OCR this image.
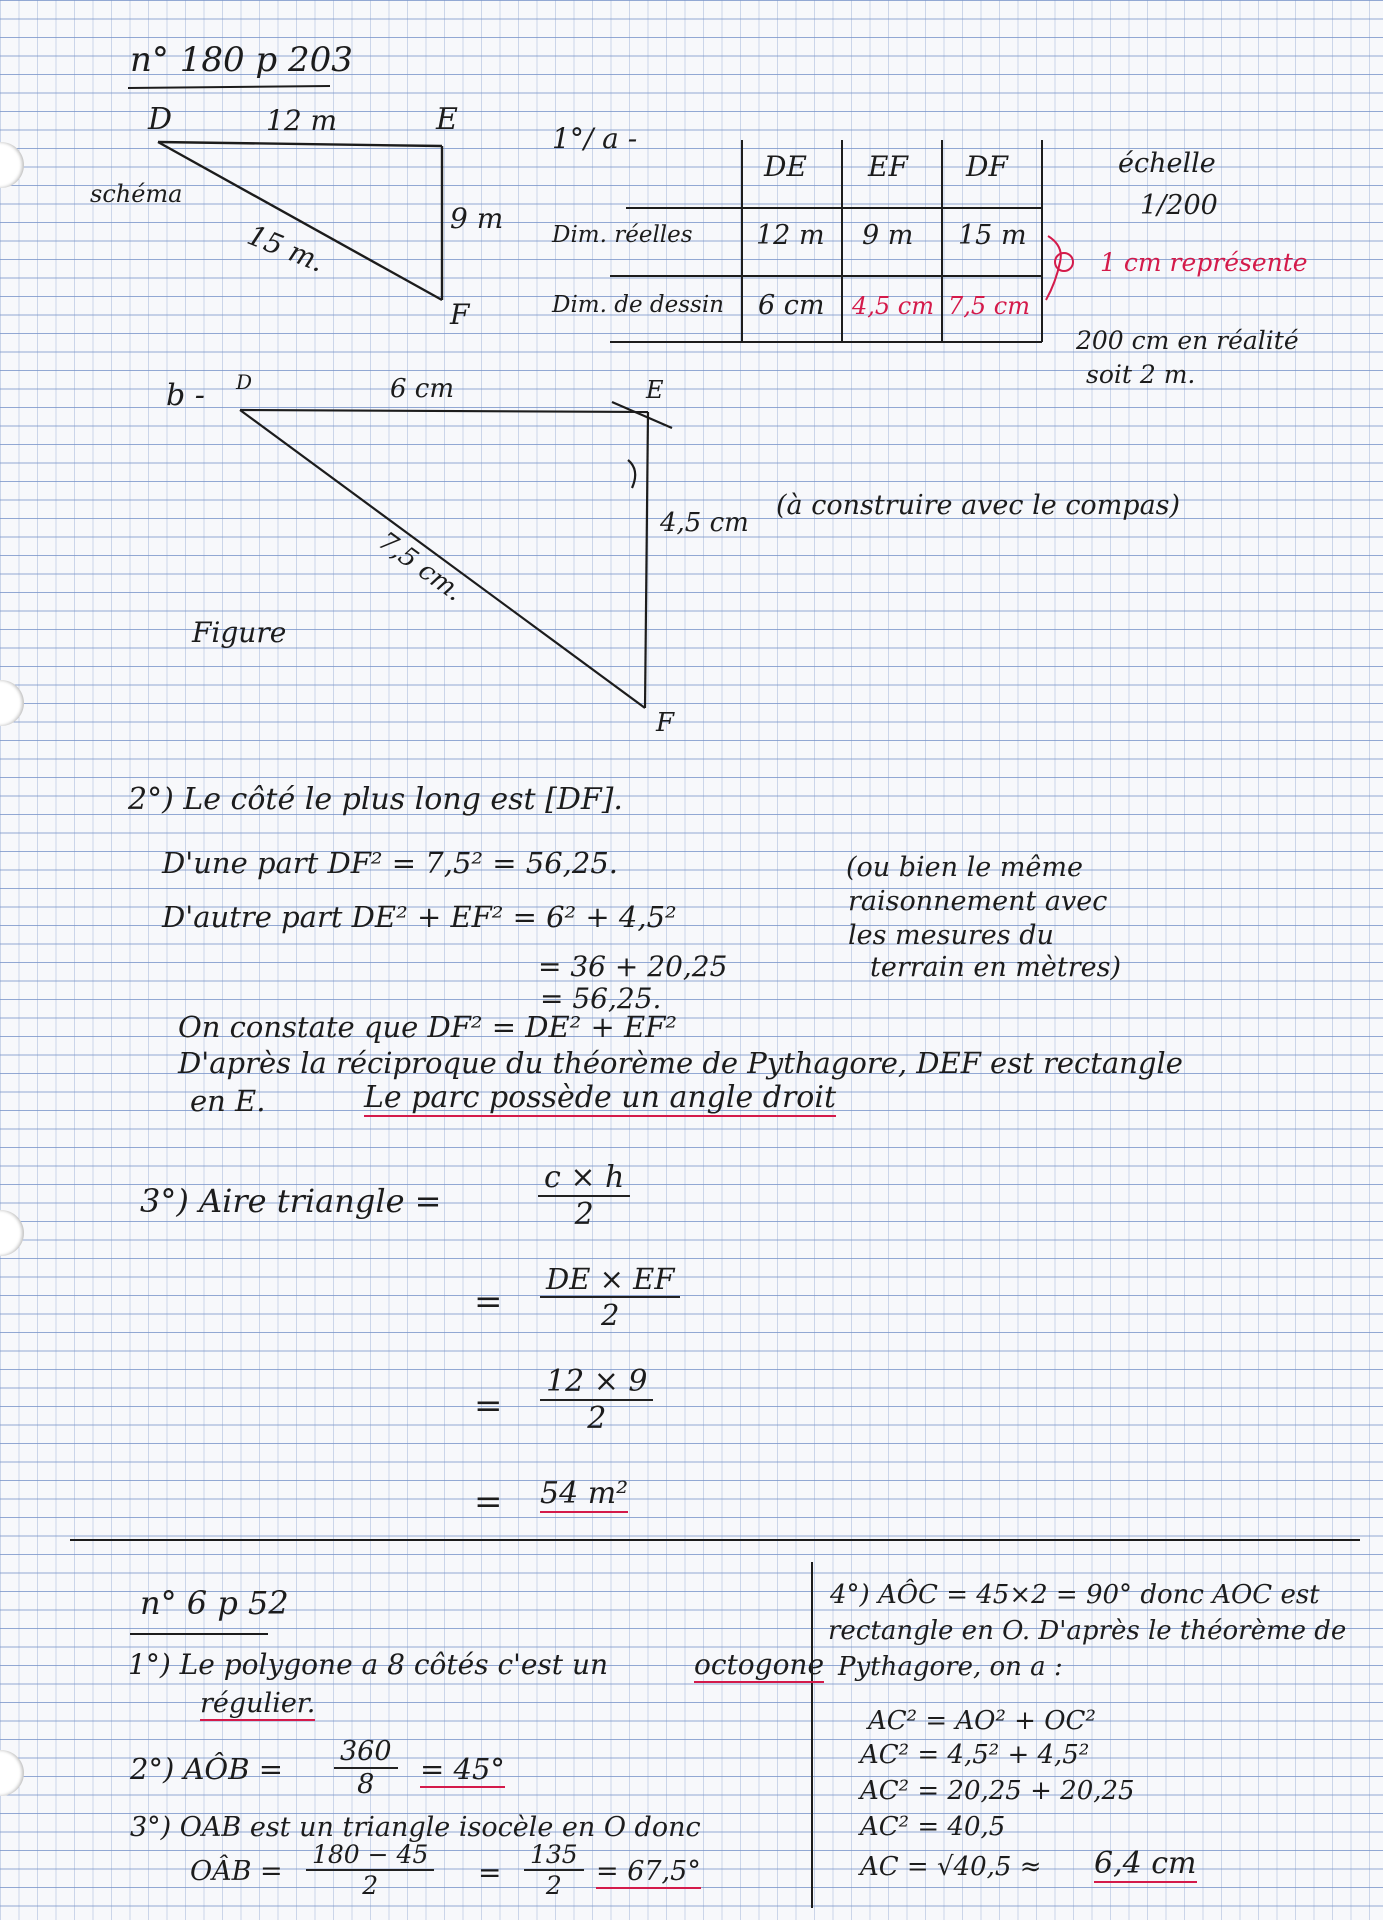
n° 180 p 203
D	12 m	E
schéma
9 m
15 m.
F
1°/ a -
DE EF DF
Dim. réelles 12 m 9 m 15 m
Dim. de dessin 6 cm 4,5 cm 7,5 cm
échelle
1/200
1 cm représente
200 cm en réalité
soit 2 m.
b - D	6 cm	E
4,5 cm
(à construire avec le compas)
7,5 cm.
Figure
F
2°) Le côté le plus long est [DF].
D'une part DF² = 7,5² = 56,25.
D'autre part DE² + EF² = 6² + 4,5²
= 36 + 20,25
= 56,25.
(ou bien le même
raisonnement avec
les mesures du
terrain en mètres)
On constate que DF² = DE² + EF²
D'après la réciproque du théorème de Pythagore, DEF est rectangle
en E.	Le parc possède un angle droit
3°) Aire triangle =	$\frac{c \times h}{2}$
= $\frac{DE \times EF}{2}$
= $\frac{12 \times 9}{2}$
= 54 m²
n° 6 p 52
1°) Le polygone a 8 côtés c'est un	octogone
régulier.
2°) AÔB = $\frac{360}{8} = 45^\circ$
3°) OAB est un triangle isocèle en O donc
OÂB = $\frac{180 - 45}{2} = \frac{135}{2} = 67,5^\circ$
4°) AÔC = 45×2 = 90° donc AOC est
rectangle en O. D'après le théorème de
Pythagore, on a :
AC² = AO² + OC²
AC² = 4,5² + 4,5²
AC² = 20,25 + 20,25
AC² = 40,5
AC = √40,5 ≈ 6,4 cm
